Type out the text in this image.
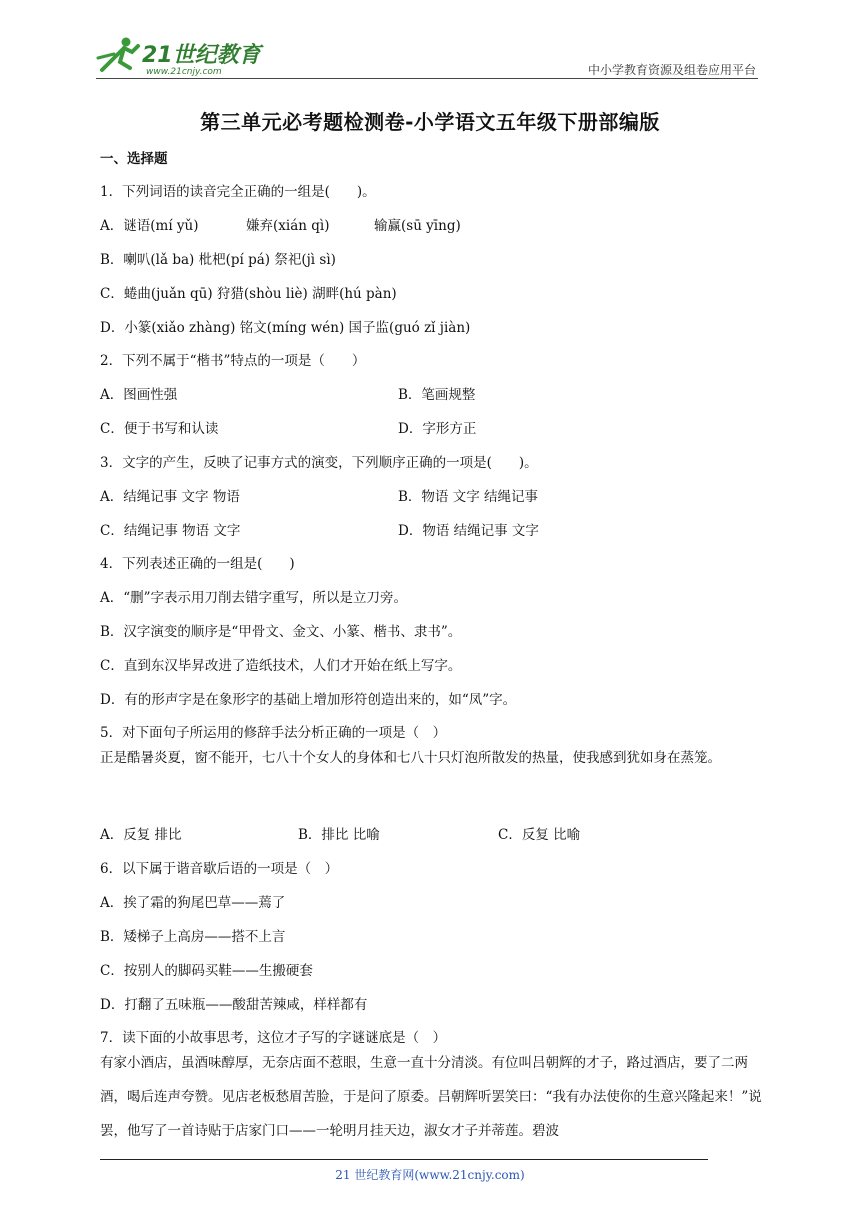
21世纪教育
www.21cnjy.com	中小学教育资源及组卷应用平台
第三单元必考题检测卷-小学语文五年级下册部编版
一、选择题
1．下列词语的读音完全正确的一组是(　　)。
A．谜语(mí yǔ)	嫌弃(xián qì)	输赢(sū yīng)
B．喇叭(lǎ ba) 枇杷(pí pá) 祭祀(jì sì)
C．蜷曲(juǎn qū) 狩猎(shòu liè) 湖畔(hú pàn)
D．小篆(xiǎo zhàng) 铭文(míng wén) 国子监(guó zǐ jiàn)
2．下列不属于“楷书”特点的一项是（　　）
A．图画性强	B．笔画规整
C．便于书写和认读	D．字形方正
3．文字的产生，反映了记事方式的演变，下列顺序正确的一项是(　　)。
A．结绳记事 文字 物语	B．物语 文字 结绳记事
C．结绳记事 物语 文字	D．物语 结绳记事 文字
4．下列表述正确的一组是(　　)
A．“删”字表示用刀削去错字重写，所以是立刀旁。
B．汉字演变的顺序是“甲骨文、金文、小篆、楷书、隶书”。
C．直到东汉毕昇改进了造纸技术，人们才开始在纸上写字。
D．有的形声字是在象形字的基础上增加形符创造出来的，如“凤”字。
5．对下面句子所运用的修辞手法分析正确的一项是（　）
正是酷暑炎夏，窗不能开，七八十个女人的身体和七八十只灯泡所散发的热量，使我感到犹如身在蒸笼。
A．反复 排比	B．排比 比喻	C．反复 比喻
6．以下属于谐音歇后语的一项是（　）
A．挨了霜的狗尾巴草——蔫了
B．矮梯子上高房——搭不上言
C．按别人的脚码买鞋——生搬硬套
D．打翻了五味瓶——酸甜苦辣咸，样样都有
7．读下面的小故事思考，这位才子写的字谜谜底是（　）
有家小酒店，虽酒味醇厚，无奈店面不惹眼，生意一直十分清淡。有位叫吕朝辉的才子，路过酒店，要了二两酒，喝后连声夸赞。见店老板愁眉苦脸，于是问了原委。吕朝辉听罢笑曰：“我有办法使你的生意兴隆起来！”说罢，他写了一首诗贴于店家门口——一轮明月挂天边，淑女才子并蒂莲。碧波
21 世纪教育网(www.21cnjy.com)
